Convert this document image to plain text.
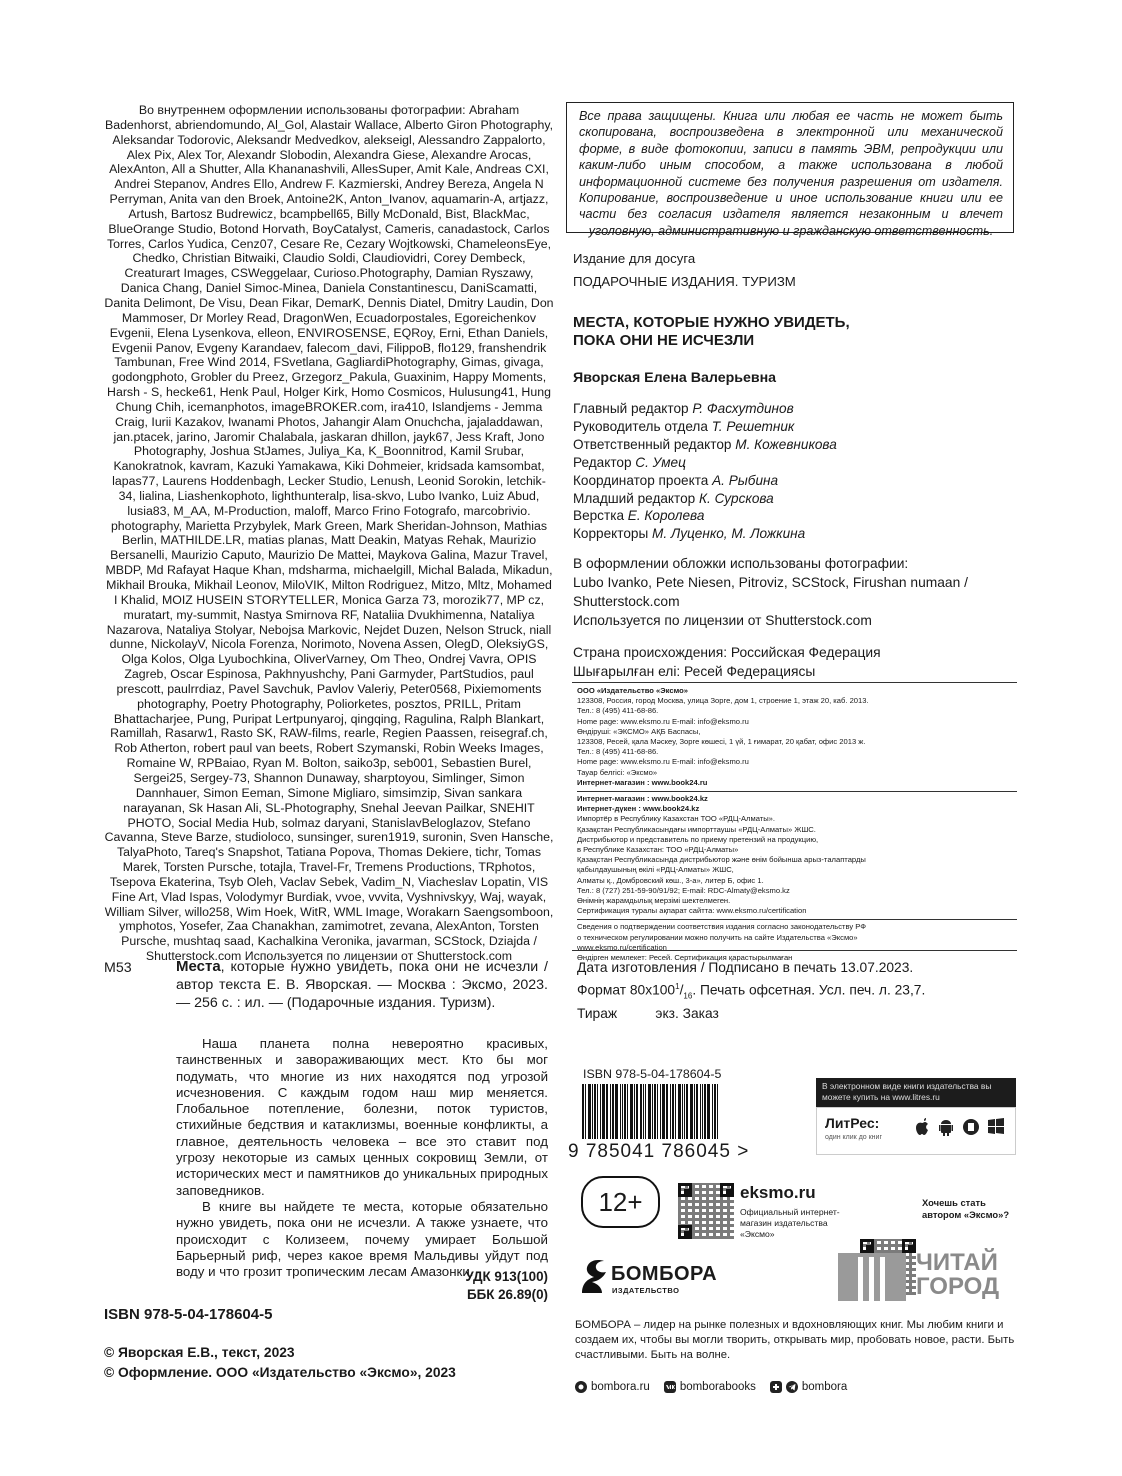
Во внутреннем оформлении использованы фотографии: Abraham Badenhorst, abriendomundo, Al_Gol, Alastair Wallace, Alberto Giron Photography, Aleksandar Todorovic, Aleksandr Medvedkov, alekseigl, Alessandro Zappalorto, Alex Pix, Alex Tor, Alexandr Slobodin, Alexandra Giese, Alexandre Arocas, AlexAnton, All a Shutter, Alla Khananashvili, AllesSuper, Amit Kale, Andreas CXI, Andrei Stepanov, Andres Ello, Andrew F. Kazmierski, Andrey Bereza, Angela N Perryman, Anita van den Broek, Antoine2K, Anton_Ivanov, aquamarin-A, artjazz, Artush, Bartosz Budrewicz, bcampbell65, Billy McDonald, Bist, BlackMac, BlueOrange Studio, Botond Horvath, BoyCatalyst, Cameris, canadastock, Carlos Torres, Carlos Yudica, Cenz07, Cesare Re, Cezary Wojtkowski, ChameleonsEye, Chedko, Christian Bitwaiki, Claudio Soldi, Claudiovidri, Corey Dembeck, Creaturart Images, CSWeggelaar, Curioso.Photography, Damian Ryszawy, Danica Chang, Daniel Simoc-Minea, Daniela Constantinescu, DaniScamatti, Danita Delimont, De Visu, Dean Fikar, DemarK, Dennis Diatel, Dmitry Laudin, Don Mammoser, Dr Morley Read, DragonWen, Ecuadorpostales, Egoreichenkov Evgenii, Elena Lysenkova, elleon, ENVIROSENSE, EQRoy, Erni, Ethan Daniels, Evgenii Panov, Evgeny Karandaev, falecom_davi, FilippoB, flo129, franshendrik Tambunan, Free Wind 2014, FSvetlana, GagliardiPhotography, Gimas, givaga, godongphoto, Grobler du Preez, Grzegorz_Pakula, Guaxinim, Happy Moments, Harsh - S, hecke61, Henk Paul, Holger Kirk, Homo Cosmicos, Hulusung41, Hung Chung Chih, icemanphotos, imageBROKER.com, ira410, Islandjems - Jemma Craig, Iurii Kazakov, Iwanami Photos, Jahangir Alam Onuchcha, jajaladdawan, jan.ptacek, jarino, Jaromir Chalabala, jaskaran dhillon, jayk67, Jess Kraft, Jono Photography, Joshua StJames, Juliya_Ka, K_Boonnitrod, Kamil Srubar, Kanokratnok, kavram, Kazuki Yamakawa, Kiki Dohmeier, kridsada kamsombat, lapas77, Laurens Hoddenbagh, Lecker Studio, Lenush, Leonid Sorokin, letchik-34, lialina, Liashenkophoto, lighthunteralp, lisa-skvo, Lubo Ivanko, Luiz Abud, lusia83, M_AA, M-Production, maloff, Marco Frino Fotografo, marcobrivio. photography, Marietta Przybylek, Mark Green, Mark Sheridan-Johnson, Mathias Berlin, MATHILDE.LR, matias planas, Matt Deakin, Matyas Rehak, Maurizio Bersanelli, Maurizio Caputo, Maurizio De Mattei, Maykova Galina, Mazur Travel, MBDP, Md Rafayat Haque Khan, mdsharma, michaelgill, Michal Balada, Mikadun, Mikhail Brouka, Mikhail Leonov, MiloVIK, Milton Rodriguez, Mitzo, Mltz, Mohamed I Khalid, MOIZ HUSEIN STORYTELLER, Monica Garza 73, morozik77, MP cz, muratart, my-summit, Nastya Smirnova RF, Nataliia Dvukhimenna, Nataliya Nazarova, Nataliya Stolyar, Nebojsa Markovic, Nejdet Duzen, Nelson Struck, niall dunne, NickolayV, Nicola Forenza, Norimoto, Novena Assen, OlegD, OleksiyGS, Olga Kolos, Olga Lyubochkina, OliverVarney, Om Theo, Ondrej Vavra, OPIS Zagreb, Oscar Espinosa, Pakhnyushchy, Pani Garmyder, PartStudios, paul prescott, paulrrdiaz, Pavel Savchuk, Pavlov Valeriy, Peter0568, Pixiemoments photography, Poetry Photography, Poliorketes, posztos, PRILL, Pritam Bhattacharjee, Pung, Puripat Lertpunyaroj, qingqing, Ragulina, Ralph Blankart, Ramillah, Rasarw1, Rasto SK, RAW-films, rearle, Regien Paassen, reisegraf.ch, Rob Atherton, robert paul van beets, Robert Szymanski, Robin Weeks Images, Romaine W, RPBaiao, Ryan M. Bolton, saiko3p, seb001, Sebastien Burel, Sergei25, Sergey-73, Shannon Dunaway, sharptoyou, Simlinger, Simon Dannhauer, Simon Eeman, Simone Migliaro, simsimzip, Sivan sankara narayanan, Sk Hasan Ali, SL-Photography, Snehal Jeevan Pailkar, SNEHIT PHOTO, Social Media Hub, solmaz daryani, StanislavBeloglazov, Stefano Cavanna, Steve Barze, studioloco, sunsinger, suren1919, suronin, Sven Hansche, TalyaPhoto, Tareq's Snapshot, Tatiana Popova, Thomas Dekiere, tichr, Tomas Marek, Torsten Pursche, totajla, Travel-Fr, Tremens Productions, TRphotos, Tsepova Ekaterina, Tsyb Oleh, Vaclav Sebek, Vadim_N, Viacheslav Lopatin, VIS Fine Art, Vlad Ispas, Volodymyr Burdiak, vvoe, vvvita, Vyshnivskyy, Waj, wayak, William Silver, willo258, Wim Hoek, WitR, WML Image, Worakarn Saengsomboon, ymphotos, Yosefer, Zaa Chanakhan, zamimotret, zevana, AlexAnton, Torsten Pursche, mushtaq saad, Kachalkina Veronika, javarman, SCStock, Dziajda / Shutterstock.com Используется по лицензии от Shutterstock.com

Все права защищены. Книга или любая ее часть не может быть скопирована, воспроизведена в электронной или механической форме, в виде фотокопии, записи в память ЭВМ, репродукции или каким-либо иным способом, а также использована в любой информационной системе без получения разрешения от издателя. Копирование, воспроизведение и иное использование книги или ее части без согласия издателя является незаконным и влечет уголовную, административную и гражданскую ответственность.

Издание для досуга
ПОДАРОЧНЫЕ ИЗДАНИЯ. ТУРИЗМ
МЕСТА, КОТОРЫЕ НУЖНО УВИДЕТЬ,
ПОКА ОНИ НЕ ИСЧЕЗЛИ
Яворская Елена Валерьевна
Главный редактор Р. Фасхутдинов
Руководитель отдела Т. Решетник
Ответственный редактор М. Кожевникова
Редактор С. Умец
Координатор проекта А. Рыбина
Младший редактор К. Сурскова
Верстка Е. Королева
Корректоры М. Луценко, М. Ложкина
В оформлении обложки использованы фотографии:
Lubo Ivanko, Pete Niesen, Pitroviz, SCStock, Firushan numaan /
Shutterstock.com
Используется по лицензии от Shutterstock.com
Страна происхождения: Российская Федерация
Шығарылған елі: Ресей Федерациясы
ООО «Издательство «Эксмо»
123308, Россия, город Москва, улица Зорге, дом 1, строение 1, этаж 20, каб. 2013.
Тел.: 8 (495) 411-68-86.
Home page: www.eksmo.ru E-mail: info@eksmo.ru
Өндіруші: «ЭКСМО» АҚБ Баспасы,
123308, Ресей, қала Мәскеу, Зорге көшесі, 1 үй, 1 ғимарат, 20 қабат, офис 2013 ж.
Тел.: 8 (495) 411-68-86.
Home page: www.eksmo.ru E-mail: info@eksmo.ru
Тауар белгісі: «Эксмо»
Интернет-магазин : www.book24.ru
Интернет-магазин : www.book24.kz
Интернет-дүкен : www.book24.kz
Импортёр в Республику Казахстан ТОО «РДЦ-Алматы».
Қазақстан Республикасындағы импорттаушы «РДЦ-Алматы» ЖШС.
Дистрибьютор и представитель по приему претензий на продукцию,
в Республике Казахстан: ТОО «РДЦ-Алматы»
Қазақстан Республикасында дистрибьютор және өнім бойынша арыз-талаптарды
қабылдаушының өкілі «РДЦ-Алматы» ЖШС,
Алматы қ., Домбровский көш., 3-а», литер Б, офис 1.
Тел.: 8 (727) 251-59-90/91/92; E-mail: RDC-Almaty@eksmo.kz
Өнімнің жарамдылық мерзімі шектелмеген.
Сертификация туралы ақпарат сайтта: www.eksmo.ru/certification
Сведения о подтверждении соответствия издания согласно законодательству РФ
о техническом регулировании можно получить на сайте Издательства «Эксмо»
www.eksmo.ru/certification
Өндірген мемлекет: Ресей. Сертификация қарастырылмаған
Дата изготовления / Подписано в печать 13.07.2023.
Формат $80x100^1/_{16}$. Печать офсетная. Усл. печ. л. 23,7.
Тираж          экз. Заказ
М53	Места, которые нужно увидеть, пока они не исчезли / автор текста Е. В. Яворская. — Москва : Эксмо, 2023. — 256 с. : ил. — (Подарочные издания. Туризм).

Наша планета полна невероятно красивых, таинственных и завораживающих мест. Кто бы мог подумать, что многие из них находятся под угрозой исчезновения. С каждым годом наш мир меняется. Глобальное потепление, болезни, поток туристов, стихийные бедствия и катаклизмы, военные конфликты, а главное, деятельность человека – все это ставит под угрозу некоторые из самых ценных сокровищ Земли, от исторических мест и памятников до уникальных природных заповедников.

В книге вы найдете те места, которые обязательно нужно увидеть, пока они не исчезли. А также узнаете, что происходит с Колизеем, почему умирает Большой Барьерный риф, через какое время Мальдивы уйдут под воду и что грозит тропическим лесам Амазонки.

УДК 913(100)
ББК 26.89(0)
ISBN 978-5-04-178604-5
© Яворская Е.В., текст, 2023
© Оформление. ООО «Издательство «Эксмо», 2023
ISBN 978-5-04-178604-5
9 785041 786045 >
В электронном виде книги издательства вы можете купить на www.litres.ru
ЛитРес:
один клик до книг
12+	eksmo.ru
Официальный интернет-магазин издательства «Эксмо»
Хочешь стать автором «Эксмо»?
БОМБОРА
ИЗДАТЕЛЬСТВО
ЧИТАЙ
ГОРОД
БОМБОРА – лидер на рынке полезных и вдохновляющих книг. Мы любим книги и создаем их, чтобы вы могли творить, открывать мир, пробовать новое, расти. Быть счастливыми. Быть на волне.
bombora.ru	bomborabooks	bombora
